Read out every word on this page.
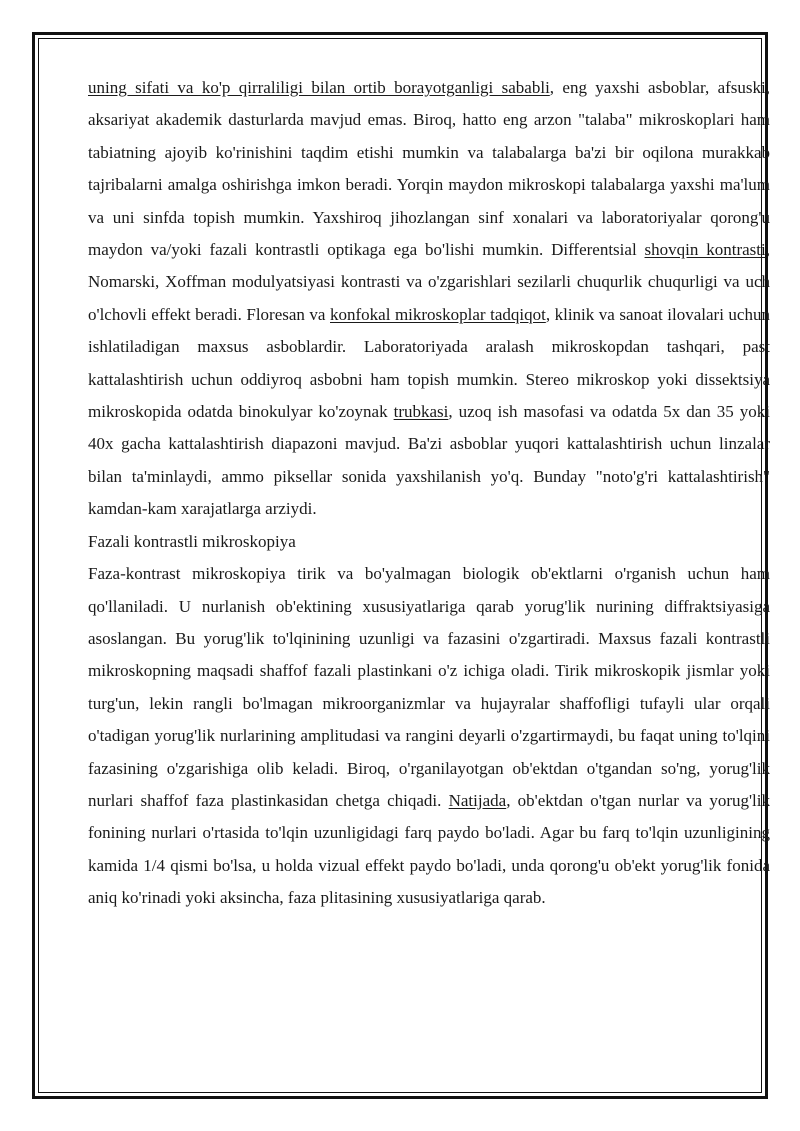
uning sifati va ko'p qirraliligi bilan ortib borayotganligi sababli, eng yaxshi asboblar, afsuski, aksariyat akademik dasturlarda mavjud emas. Biroq, hatto eng arzon "talaba" mikroskoplari ham tabiatning ajoyib ko'rinishini taqdim etishi mumkin va talabalarga ba'zi bir oqilona murakkab tajribalarni amalga oshirishga imkon beradi. Yorqin maydon mikroskopi talabalarga yaxshi ma'lum va uni sinfda topish mumkin. Yaxshiroq jihozlangan sinf xonalari va laboratoriyalar qorong'u maydon va/yoki fazali kontrastli optikaga ega bo'lishi mumkin. Differentsial shovqin kontrasti, Nomarski, Xoffman modulyatsiyasi kontrasti va o'zgarishlari sezilarli chuqurlik chuqurligi va uch o'lchovli effekt beradi. Floresan va konfokal mikroskoplar tadqiqot, klinik va sanoat ilovalari uchun ishlatiladigan maxsus asboblardir. Laboratoriyada aralash mikroskopdan tashqari, past kattalashtirish uchun oddiyroq asbobni ham topish mumkin. Stereo mikroskop yoki dissektsiya mikroskopida odatda binokulyar ko'zoynak trubkasi, uzoq ish masofasi va odatda 5x dan 35 yoki 40x gacha kattalashtirish diapazoni mavjud. Ba'zi asboblar yuqori kattalashtirish uchun linzalar bilan ta'minlaydi, ammo piksellar sonida yaxshilanish yo'q. Bunday "noto'g'ri kattalashtirish" kamdan-kam xarajatlarga arziydi.

Fazali kontrastli mikroskopiya

Faza-kontrast mikroskopiya tirik va bo'yalmagan biologik ob'ektlarni o'rganish uchun ham qo'llaniladi. U nurlanish ob'ektining xususiyatlariga qarab yorug'lik nurining diffraktsiyasiga asoslangan. Bu yorug'lik to'lqinining uzunligi va fazasini o'zgartiradi. Maxsus fazali kontrastli mikroskopning maqsadi shaffof fazali plastinkani o'z ichiga oladi. Tirik mikroskopik jismlar yoki turg'un, lekin rangli bo'lmagan mikroorganizmlar va hujayralar shaffofligi tufayli ular orqali o'tadigan yorug'lik nurlarining amplitudasi va rangini deyarli o'zgartirmaydi, bu faqat uning to'lqini fazasining o'zgarishiga olib keladi. Biroq, o'rganilayotgan ob'ektdan o'tgandan so'ng, yorug'lik nurlari shaffof faza plastinkasidan chetga chiqadi. Natijada, ob'ektdan o'tgan nurlar va yorug'lik fonining nurlari o'rtasida to'lqin uzunligidagi farq paydo bo'ladi. Agar bu farq to'lqin uzunligining kamida 1/4 qismi bo'lsa, u holda vizual effekt paydo bo'ladi, unda qorong'u ob'ekt yorug'lik fonida aniq ko'rinadi yoki aksincha, faza plitasining xususiyatlariga qarab.
